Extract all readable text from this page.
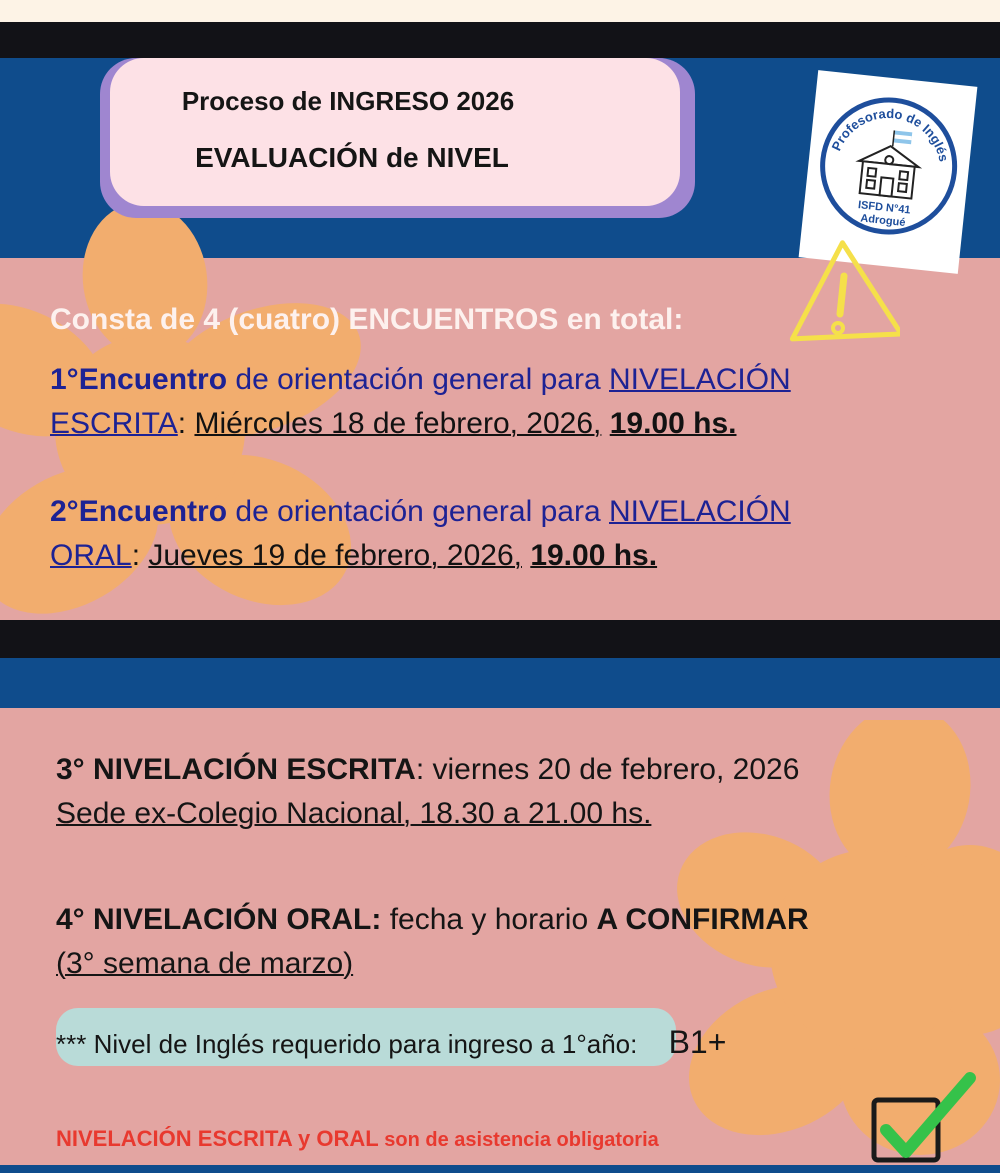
Proceso de INGRESO 2026
EVALUACIÓN de NIVEL	Profesorado de Inglés
ISFD N°41
Adrogué
Consta de 4 (cuatro) ENCUENTROS en total:
1°Encuentro de orientación general para NIVELACIÓN
ESCRITA: Miércoles 18 de febrero, 2026, 19.00 hs.
2°Encuentro de orientación general para NIVELACIÓN
ORAL: Jueves 19 de febrero, 2026, 19.00 hs.
3° NIVELACIÓN ESCRITA: viernes 20 de febrero, 2026
Sede ex-Colegio Nacional, 18.30 a 21.00 hs.
4° NIVELACIÓN ORAL: fecha y horario A CONFIRMAR
(3° semana de marzo)
*** Nivel de Inglés requerido para ingreso a 1°año: B1+
NIVELACIÓN ESCRITA y ORAL son de asistencia obligatoria
